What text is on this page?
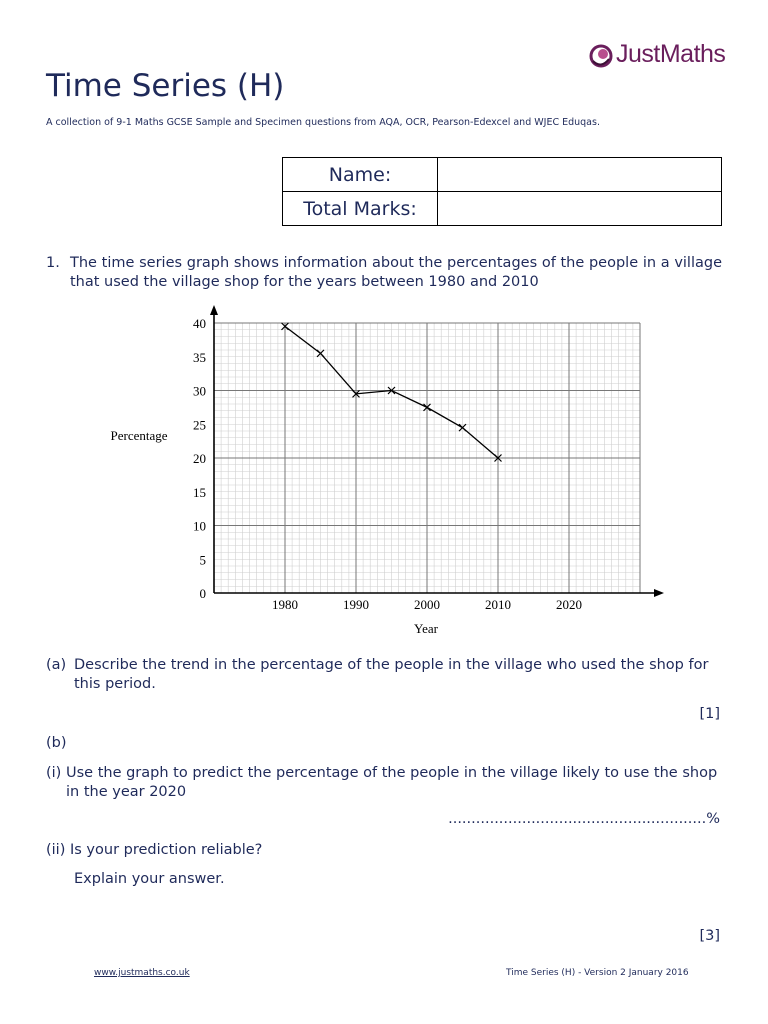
JustMaths
Time Series (H)
A collection of 9-1 Maths GCSE Sample and Specimen questions from AQA, OCR, Pearson-Edexcel and WJEC Eduqas.
Name:	
Total Marks:	
1. The time series graph shows information about the percentages of the people in a village that used the village shop for the years between 1980 and 2010
0
5
10
15
20
25
30
35
40
1980	1990	2000	2010	2020
Percentage
Year
(a) Describe the trend in the percentage of the people in the village who used the shop for this period.
[1]
(b)
(i) Use the graph to predict the percentage of the people in the village likely to use the shop in the year 2020
........................................................%
(ii) Is your prediction reliable?
Explain your answer.
[3]
www.justmaths.co.uk	Time Series (H) - Version 2 January 2016
